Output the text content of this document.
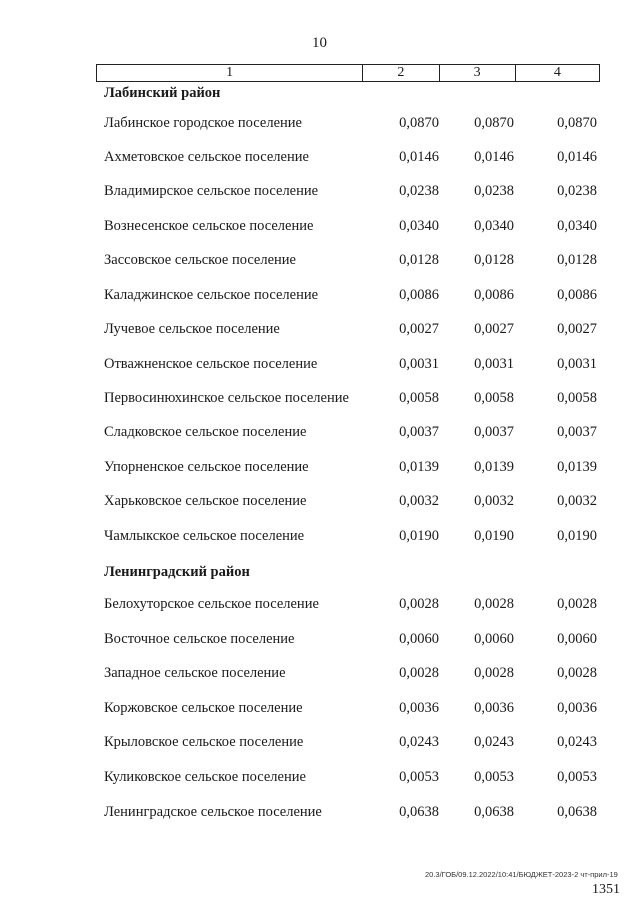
10
1	2	3	4
Лабинский район
Лабинское городское поселение	0,0870	0,0870	0,0870
Ахметовское сельское поселение	0,0146	0,0146	0,0146
Владимирское сельское поселение	0,0238	0,0238	0,0238
Вознесенское сельское поселение	0,0340	0,0340	0,0340
Зассовское сельское поселение	0,0128	0,0128	0,0128
Каладжинское сельское поселение	0,0086	0,0086	0,0086
Лучевое сельское поселение	0,0027	0,0027	0,0027
Отважненское сельское поселение	0,0031	0,0031	0,0031
Первосинюхинское сельское поселение	0,0058	0,0058	0,0058
Сладковское сельское поселение	0,0037	0,0037	0,0037
Упорненское сельское поселение	0,0139	0,0139	0,0139
Харьковское сельское поселение	0,0032	0,0032	0,0032
Чамлыкское сельское поселение	0,0190	0,0190	0,0190
Ленинградский район
Белохуторское сельское поселение	0,0028	0,0028	0,0028
Восточное сельское поселение	0,0060	0,0060	0,0060
Западное сельское поселение	0,0028	0,0028	0,0028
Коржовское сельское поселение	0,0036	0,0036	0,0036
Крыловское сельское поселение	0,0243	0,0243	0,0243
Куликовское сельское поселение	0,0053	0,0053	0,0053
Ленинградское сельское поселение	0,0638	0,0638	0,0638
20.3/ГОБ/09.12.2022/10:41/БЮДЖЕТ-2023-2 чт-прил-19
1351
